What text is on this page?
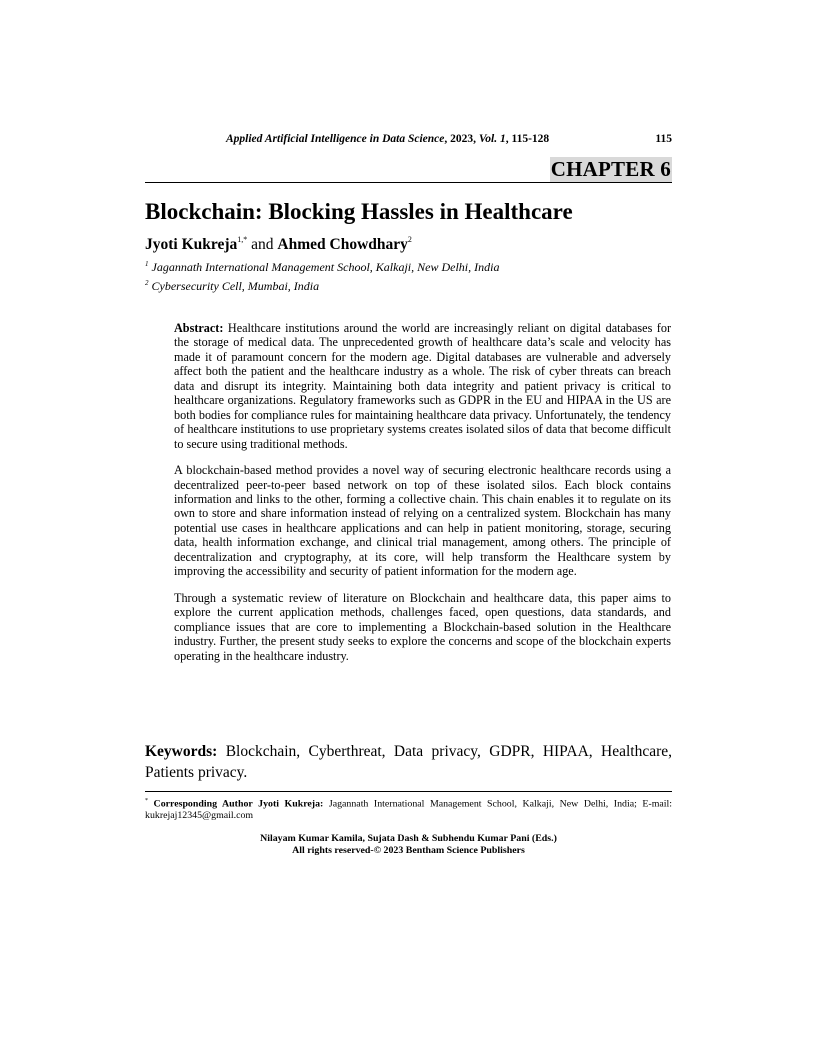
Applied Artificial Intelligence in Data Science, 2023, Vol. 1, 115-128	115
CHAPTER 6
Blockchain: Blocking Hassles in Healthcare
Jyoti Kukreja$^{1,*}$ and Ahmed Chowdhary$^2$
$^1$ Jagannath International Management School, Kalkaji, New Delhi, India
$^2$ Cybersecurity Cell, Mumbai, India

Abstract: Healthcare institutions around the world are increasingly reliant on digital databases for the storage of medical data. The unprecedented growth of healthcare data’s scale and velocity has made it of paramount concern for the modern age. Digital databases are vulnerable and adversely affect both the patient and the healthcare industry as a whole. The risk of cyber threats can breach data and disrupt its integrity. Maintaining both data integrity and patient privacy is critical to healthcare organizations. Regulatory frameworks such as GDPR in the EU and HIPAA in the US are both bodies for compliance rules for maintaining healthcare data privacy. Unfortunately, the tendency of healthcare institutions to use proprietary systems creates isolated silos of data that become difficult to secure using traditional methods.

A blockchain-based method provides a novel way of securing electronic healthcare records using a decentralized peer-to-peer based network on top of these isolated silos. Each block contains information and links to the other, forming a collective chain. This chain enables it to regulate on its own to store and share information instead of relying on a centralized system. Blockchain has many potential use cases in healthcare applications and can help in patient monitoring, storage, securing data, health information exchange, and clinical trial management, among others. The principle of decentralization and cryptography, at its core, will help transform the Healthcare system by improving the accessibility and security of patient information for the modern age.

Through a systematic review of literature on Blockchain and healthcare data, this paper aims to explore the current application methods, challenges faced, open questions, data standards, and compliance issues that are core to implementing a Blockchain-based solution in the Healthcare industry. Further, the present study seeks to explore the concerns and scope of the blockchain experts operating in the healthcare industry.

Keywords: Blockchain, Cyberthreat, Data privacy, GDPR, HIPAA, Healthcare, Patients privacy.
* Corresponding Author Jyoti Kukreja: Jagannath International Management School, Kalkaji, New Delhi, India; E-mail: kukrejaj12345@gmail.com
Nilayam Kumar Kamila, Sujata Dash & Subhendu Kumar Pani (Eds.)
All rights reserved-© 2023 Bentham Science Publishers
